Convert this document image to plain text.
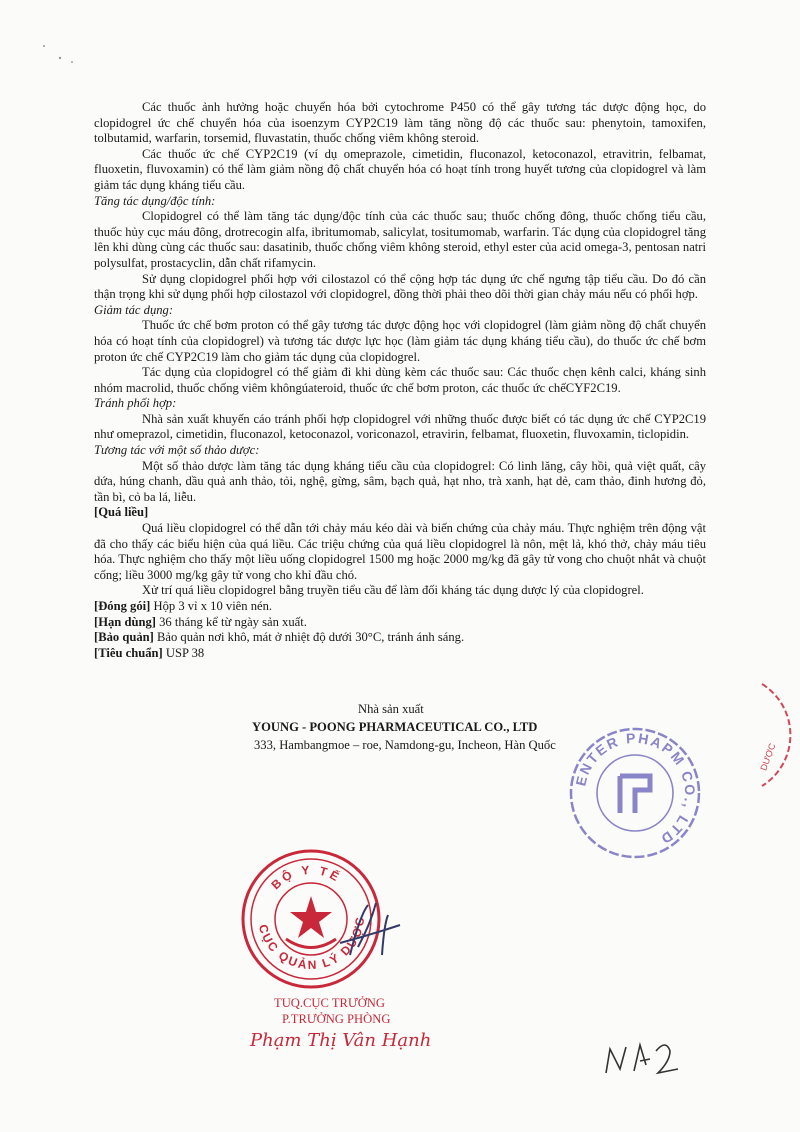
Các thuốc ảnh hưởng hoặc chuyển hóa bởi cytochrome P450 có thể gây tương tác dược động học, do clopidogrel ức chế chuyển hóa của isoenzym CYP2C19 làm tăng nồng độ các thuốc sau: phenytoin, tamoxifen, tolbutamid, warfarin, torsemid, fluvastatin, thuốc chống viêm không steroid.

Các thuốc ức chế CYP2C19 (ví dụ omeprazole, cimetidin, fluconazol, ketoconazol, etravitrin, felbamat, fluoxetin, fluvoxamin) có thể làm giảm nồng độ chất chuyển hóa có hoạt tính trong huyết tương của clopidogrel và làm giảm tác dụng kháng tiểu cầu.

Tăng tác dụng/độc tính:

Clopidogrel có thể làm tăng tác dụng/độc tính của các thuốc sau; thuốc chống đông, thuốc chống tiểu cầu, thuốc hủy cục máu đông, drotrecogin alfa, ibritumomab, salicylat, tositumomab, warfarin. Tác dụng của clopidogrel tăng lên khi dùng cùng các thuốc sau: dasatinib, thuốc chống viêm không steroid, ethyl ester của acid omega-3, pentosan natri polysulfat, prostacyclin, dẫn chất rifamycin.

Sử dụng clopidogrel phối hợp với cilostazol có thể cộng hợp tác dụng ức chế ngưng tập tiểu cầu. Do đó cần thận trọng khi sử dụng phối hợp cilostazol với clopidogrel, đồng thời phải theo dõi thời gian chảy máu nếu có phối hợp.

Giảm tác dụng:

Thuốc ức chế bơm proton có thể gây tương tác dược động học với clopidogrel (làm giảm nồng độ chất chuyển hóa có hoạt tính của clopidogrel) và tương tác dược lực học (làm giảm tác dụng kháng tiểu cầu), do thuốc ức chế bơm proton ức chế CYP2C19 làm cho giảm tác dụng của clopidogrel.

Tác dụng của clopidogrel có thể giảm đi khi dùng kèm các thuốc sau: Các thuốc chẹn kênh calci, kháng sinh nhóm macrolid, thuốc chống viêm khôngúateroid, thuốc ức chế bơm proton, các thuốc ức chếCYF2C19.

Tránh phối hợp:

Nhà sản xuất khuyến cáo tránh phối hợp clopidogrel với những thuốc được biết có tác dụng ức chế CYP2C19 như omeprazol, cimetidin, fluconazol, ketoconazol, voriconazol, etravirin, felbamat, fluoxetin, fluvoxamin, ticlopidin.

Tương tác với một số thảo dược:

Một số thảo dược làm tăng tác dụng kháng tiểu cầu của clopidogrel: Có linh lăng, cây hồi, quả việt quất, cây dứa, húng chanh, dầu quả anh thảo, tỏi, nghệ, gừng, sâm, bạch quả, hạt nho, trà xanh, hạt dẻ, cam thảo, đinh hương đỏ, tần bì, cỏ ba lá, liễu.

[Quá liều]

Quá liều clopidogrel có thể dẫn tới chảy máu kéo dài và biến chứng của chảy máu. Thực nghiệm trên động vật đã cho thấy các biểu hiện của quá liều. Các triệu chứng của quá liều clopidogrel là nôn, mệt lả, khó thở, chảy máu tiêu hóa. Thực nghiệm cho thấy một liều uống clopidogrel 1500 mg hoặc 2000 mg/kg đã gây tử vong cho chuột nhắt và chuột cống; liều 3000 mg/kg gây tử vong cho khỉ đầu chó.

Xử trí quá liều clopidogrel bằng truyền tiểu cầu để làm đối kháng tác dụng dược lý của clopidogrel.

[Đóng gói] Hộp 3 vỉ x 10 viên nén.

[Hạn dùng] 36 tháng kể từ ngày sản xuất.

[Bảo quản] Bảo quản nơi khô, mát ở nhiệt độ dưới 30°C, tránh ánh sáng.

[Tiêu chuẩn] USP 38

Nhà sản xuất
YOUNG - POONG PHARMACEUTICAL CO., LTD
333, Hambangmoe – roe, Namdong-gu, Incheon, Hàn Quốc
ENTER PHAPM CO., LTD
DƯỢC
BỘ Y TẾ
CỤC QUẢN LÝ DƯỢC
TUQ.CỤC TRƯỞNG
P.TRƯỞNG PHÒNG
Phạm Thị Vân Hạnh
